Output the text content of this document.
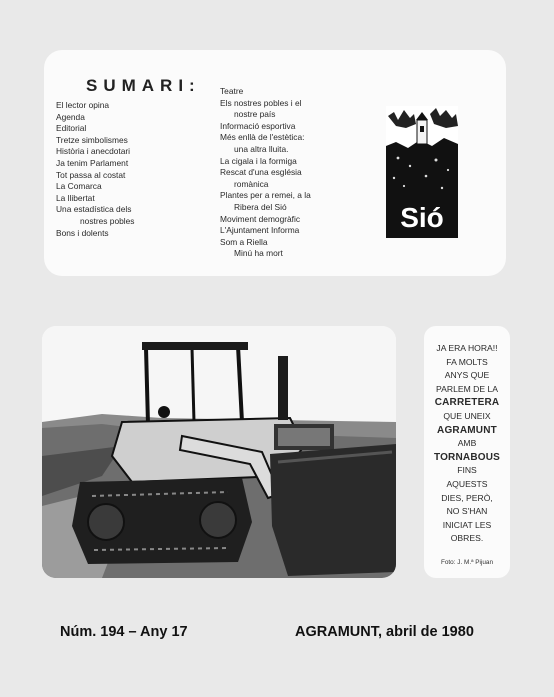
SUMARI:
El lector opina
Agenda
Editorial
Tretze simbolismes
Història i anecdotari
Ja tenim Parlament
Tot passa al costat
La Comarca
La llibertat
Una estadística dels
nostres pobles
Bons i dolents
Teatre
Els nostres pobles i el
nostre país
Informació esportiva
Més enllà de l'estètica:
una altra lluita.
La cigala i la formiga
Rescat d'una església
romànica
Plantes per a remei, a la
Ribera del Sió
Moviment demogràfic
L'Ajuntament Informa
Som a Riella
Minú ha mort
Sió
JA ERA HORA!!
FA MOLTS
ANYS QUE
PARLEM DE LA
CARRETERA
QUE UNEIX
AGRAMUNT
AMB
TORNABOUS
FINS
AQUESTS
DIES, PERÒ,
NO S'HAN
INICIAT LES
OBRES.
Foto: J. M.ª Pijuan
Núm. 194 – Any 17	AGRAMUNT, abril de 1980
